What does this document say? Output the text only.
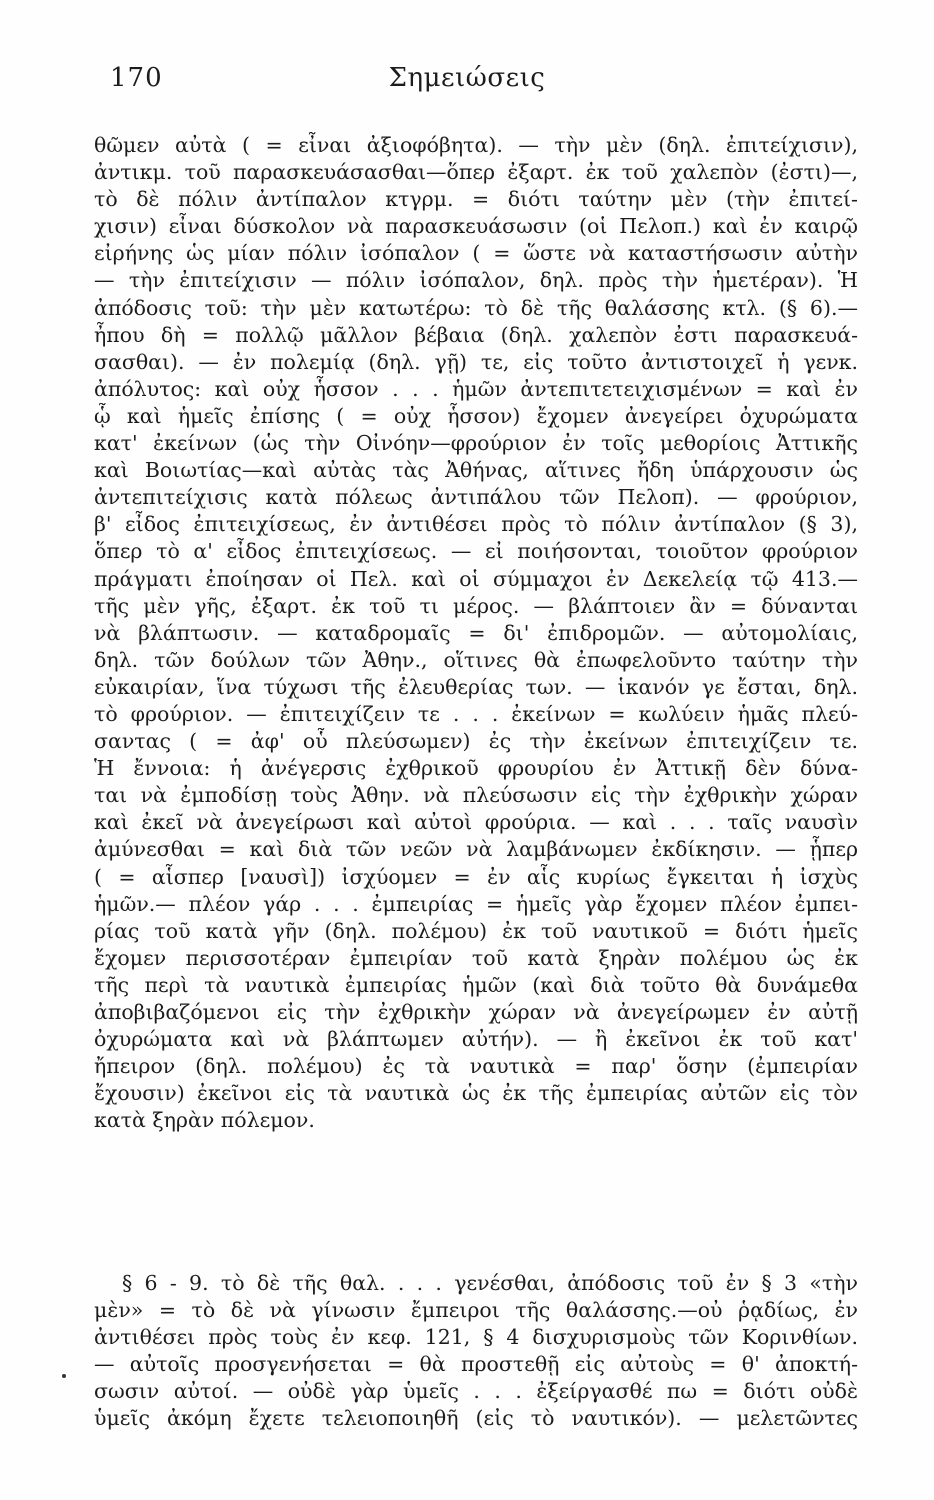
170	Σημειώσεις
θῶμεν αὐτὰ ( = εἶναι ἀξιοφόβητα). — τὴν μὲν (δηλ. ἐπιτείχισιν),
ἀντικμ. τοῦ παρασκευάσασθαι—ὅπερ ἐξαρτ. ἐκ τοῦ χαλεπὸν (ἐστι)—,
τὸ δὲ πόλιν ἀντίπαλον κτγρμ. = διότι ταύτην μὲν (τὴν ἐπιτεί-
χισιν) εἶναι δύσκολον νὰ παρασκευάσωσιν (οἱ Πελοπ.) καὶ ἐν καιρῷ
εἰρήνης ὡς μίαν πόλιν ἰσόπαλον ( = ὥστε νὰ καταστήσωσιν αὐτὴν
— τὴν ἐπιτείχισιν — πόλιν ἰσόπαλον, δηλ. πρὸς τὴν ἡμετέραν). Ἡ
ἀπόδοσις τοῦ: τὴν μὲν κατωτέρω: τὸ δὲ τῆς θαλάσσης κτλ. (§ 6).—
ἦπου δὴ = πολλῷ μᾶλλον βέβαια (δηλ. χαλεπὸν ἐστι παρασκευά-
σασθαι). — ἐν πολεμίᾳ (δηλ. γῇ) τε, εἰς τοῦτο ἀντιστοιχεῖ ἡ γενκ.
ἀπόλυτος: καὶ οὐχ ἧσσον . . . ἡμῶν ἀντεπιτετειχισμένων = καὶ ἐν
ᾧ καὶ ἡμεῖς ἐπίσης ( = οὐχ ἧσσον) ἔχομεν ἀνεγείρει ὀχυρώματα
κατ' ἐκείνων (ὡς τὴν Οἰνόην—φρούριον ἐν τοῖς μεθορίοις Ἀττικῆς
καὶ Βοιωτίας—καὶ αὐτὰς τὰς Ἀθήνας, αἵτινες ἤδη ὑπάρχουσιν ὡς
ἀντεπιτείχισις κατὰ πόλεως ἀντιπάλου τῶν Πελοπ). — φρούριον,
β' εἶδος ἐπιτειχίσεως, ἐν ἀντιθέσει πρὸς τὸ πόλιν ἀντίπαλον (§ 3),
ὅπερ τὸ α' εἶδος ἐπιτειχίσεως. — εἰ ποιήσονται, τοιοῦτον φρούριον
πράγματι ἐποίησαν οἱ Πελ. καὶ οἱ σύμμαχοι ἐν Δεκελείᾳ τῷ 413.—
τῆς μὲν γῆς, ἐξαρτ. ἐκ τοῦ τι μέρος. — βλάπτοιεν ἂν = δύνανται
νὰ βλάπτωσιν. — καταδρομαῖς = δι' ἐπιδρομῶν. — αὐτομολίαις,
δηλ. τῶν δούλων τῶν Ἀθην., οἵτινες θὰ ἐπωφελοῦντο ταύτην τὴν
εὐκαιρίαν, ἵνα τύχωσι τῆς ἐλευθερίας των. — ἱκανόν γε ἔσται, δηλ.
τὸ φρούριον. — ἐπιτειχίζειν τε . . . ἐκείνων = κωλύειν ἡμᾶς πλεύ-
σαντας ( = ἀφ' οὗ πλεύσωμεν) ἐς τὴν ἐκείνων ἐπιτειχίζειν τε.
Ἡ ἔννοια: ἡ ἀνέγερσις ἐχθρικοῦ φρουρίου ἐν Ἀττικῇ δὲν δύνα-
ται νὰ ἐμποδίσῃ τοὺς Ἀθην. νὰ πλεύσωσιν εἰς τὴν ἐχθρικὴν χώραν
καὶ ἐκεῖ νὰ ἀνεγείρωσι καὶ αὐτοὶ φρούρια. — καὶ . . . ταῖς ναυσὶν
ἀμύνεσθαι = καὶ διὰ τῶν νεῶν νὰ λαμβάνωμεν ἐκδίκησιν. — ᾗπερ
( = αἷσπερ [ναυσὶ]) ἰσχύομεν = ἐν αἷς κυρίως ἔγκειται ἡ ἰσχὺς
ἡμῶν.— πλέον γάρ . . . ἐμπειρίας = ἡμεῖς γὰρ ἔχομεν πλέον ἐμπει-
ρίας τοῦ κατὰ γῆν (δηλ. πολέμου) ἐκ τοῦ ναυτικοῦ = διότι ἡμεῖς
ἔχομεν περισσοτέραν ἐμπειρίαν τοῦ κατὰ ξηρὰν πολέμου ὡς ἐκ
τῆς περὶ τὰ ναυτικὰ ἐμπειρίας ἡμῶν (καὶ διὰ τοῦτο θὰ δυνάμεθα
ἀποβιβαζόμενοι εἰς τὴν ἐχθρικὴν χώραν νὰ ἀνεγείρωμεν ἐν αὐτῇ
ὀχυρώματα καὶ νὰ βλάπτωμεν αὐτήν). — ἢ ἐκεῖνοι ἐκ τοῦ κατ'
ἤπειρον (δηλ. πολέμου) ἐς τὰ ναυτικὰ = παρ' ὅσην (ἐμπειρίαν
ἔχουσιν) ἐκεῖνοι εἰς τὰ ναυτικὰ ὡς ἐκ τῆς ἐμπειρίας αὐτῶν εἰς τὸν
κατὰ ξηρὰν πόλεμον.
§ 6 - 9. τὸ δὲ τῆς θαλ. . . . γενέσθαι, ἀπόδοσις τοῦ ἐν § 3 «τὴν
μὲν» = τὸ δὲ νὰ γίνωσιν ἔμπειροι τῆς θαλάσσης.—οὐ ῥᾳδίως, ἐν
ἀντιθέσει πρὸς τοὺς ἐν κεφ. 121, § 4 δισχυρισμοὺς τῶν Κορινθίων.
— αὐτοῖς προσγενήσεται = θὰ προστεθῇ εἰς αὐτοὺς = θ' ἀποκτή-
σωσιν αὐτοί. — οὐδὲ γὰρ ὑμεῖς . . . ἐξείργασθέ πω = διότι οὐδὲ
ὑμεῖς ἀκόμη ἔχετε τελειοποιηθῆ (εἰς τὸ ναυτικόν). — μελετῶντες
